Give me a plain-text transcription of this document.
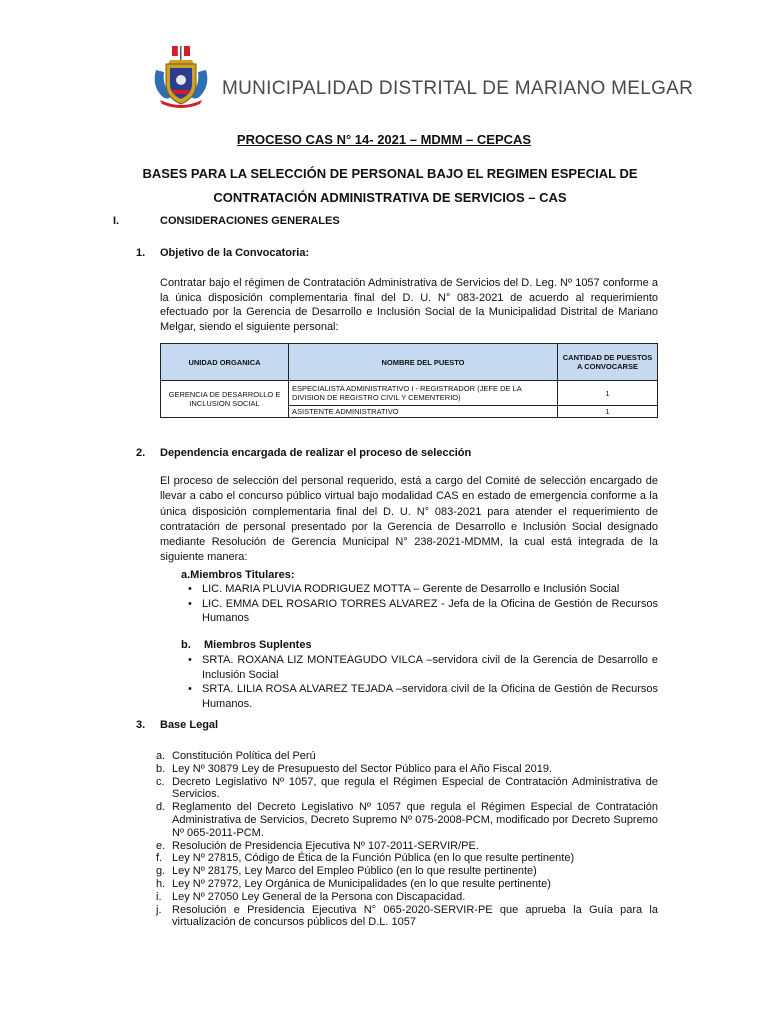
MUNICIPALIDAD DISTRITAL DE MARIANO MELGAR
PROCESO CAS N° 14- 2021 – MDMM – CEPCAS
BASES PARA LA SELECCIÓN DE PERSONAL BAJO EL REGIMEN ESPECIAL DE
CONTRATACIÓN ADMINISTRATIVA DE SERVICIOS – CAS
I.	CONSIDERACIONES GENERALES
1. Objetivo de la Convocatoria:
Contratar bajo el régimen de Contratación Administrativa de Servicios del D. Leg. Nº 1057 conforme a la única disposición complementaria final del D. U. N° 083-2021 de acuerdo al requerimiento efectuado por la Gerencia de Desarrollo e Inclusión Social de la Municipalidad Distrital de Mariano Melgar, siendo el siguiente personal:
UNIDAD ORGANICA	NOMBRE DEL PUESTO	CANTIDAD DE PUESTOS A CONVOCARSE
GERENCIA DE DESARROLLO E INCLUSION SOCIAL	ESPECIALISTA ADMINISTRATIVO I - REGISTRADOR (JEFE DE LA DIVISION DE REGISTRO CIVIL Y CEMENTERIO)	1
	ASISTENTE ADMINISTRATIVO	1
2. Dependencia encargada de realizar el proceso de selección
El proceso de selección del personal requerido, está a cargo del Comité de selección encargado de llevar a cabo el concurso público virtual bajo modalidad CAS en estado de emergencia conforme a la única disposición complementaria final del D. U. N° 083-2021 para atender el requerimiento de contratación de personal presentado por la Gerencia de Desarrollo e Inclusión Social designado mediante Resolución de Gerencia Municipal N° 238-2021-MDMM, la cual está integrada de la siguiente manera:
a.Miembros Titulares:
• LIC. MARIA PLUVIA RODRIGUEZ MOTTA – Gerente de Desarrollo e Inclusión Social
• LIC. EMMA DEL ROSARIO TORRES ALVAREZ - Jefa de la Oficina de Gestión de Recursos Humanos
b. Miembros Suplentes
• SRTA. ROXANA LIZ MONTEAGUDO VILCA –servidora civil de la Gerencia de Desarrollo e Inclusión Social
• SRTA. LILIA ROSA ALVAREZ TEJADA –servidora civil de la Oficina de Gestión de Recursos Humanos.
3. Base Legal
a. Constitución Política del Perú
b. Ley Nº 30879 Ley de Presupuesto del Sector Público para el Año Fiscal 2019.
c. Decreto Legislativo Nº 1057, que regula el Régimen Especial de Contratación Administrativa de Servicios.
d. Reglamento del Decreto Legislativo Nº 1057 que regula el Régimen Especial de Contratación Administrativa de Servicios, Decreto Supremo Nº 075-2008-PCM, modificado por Decreto Supremo Nº 065-2011-PCM.
e. Resolución de Presidencia Ejecutiva Nº 107-2011-SERVIR/PE.
f. Ley Nº 27815, Código de Ética de la Función Pública (en lo que resulte pertinente)
g. Ley Nº 28175, Ley Marco del Empleo Público (en lo que resulte pertinente)
h. Ley Nº 27972, Ley Orgánica de Municipalidades (en lo que resulte pertinente)
i. Ley Nº 27050 Ley General de la Persona con Discapacidad.
j. Resolución e Presidencia Ejecutiva N° 065-2020-SERVIR-PE que aprueba la Guía para la virtualización de concursos públicos del D.L. 1057
